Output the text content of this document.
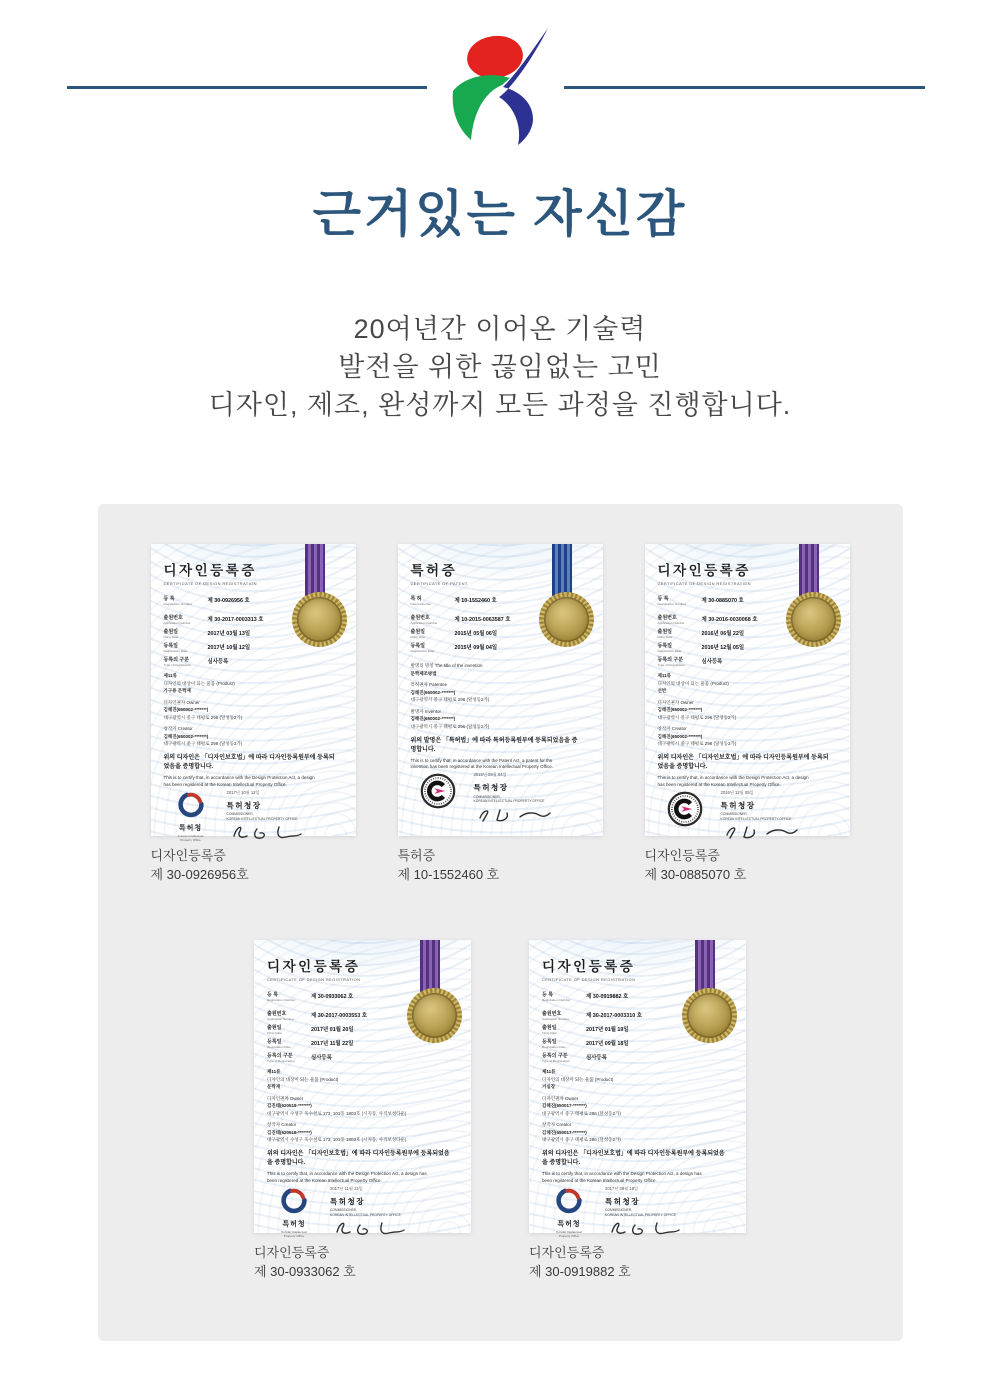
근거있는 자신감
20여년간 이어온 기술력
발전을 위한 끊임없는 고민
디자인, 제조, 완성까지 모든 과정을 진행합니다.
디자인등록증
CERTIFICATE OF DESIGN REGISTRATION
등 록
Registration Number
제 30-0926956 호
출원번호
Application Number
제 30-2017-0003313 호
출원일
Filing Date
2017년 03월 13일
등록일
Registration Date
2017년 10월 12일
등록의 구분
Type of Registration
심사등록
제11류
디자인의 대상이 되는 물품 (Product)
가구용 문짝재
디자인권자 Owner
김해진(650002-*******)
대구광역시 중구 태평로 296 (달성동2가)
창작자 Creator
김해진(650002-*******)
대구광역시 중구 태평로 296 (달성동2가)
위의 디자인은 「디자인보호법」에 따라 디자인등록원부에 등록되었음을 증명합니다.
This is to certify that, in accordance with the Design Protection Act, a design has been registered at the Korean Intellectual Property Office.
특허청
Korean Intellectual
Property Office
2017년 10월 12일
특허청장
COMMISSIONER,
KOREAN INTELLECTUAL PROPERTY OFFICE
디자인등록증
제 30-0926956호
특허증
CERTIFICATE OF PATENT
특 허
Patent Number
제 10-1552460 호
출원번호
Application Number
제 10-2015-0063587 호
출원일
Filing Date
2015년 05월 06일
등록일
Registration Date
2015년 09월 04일
발명의 명칭 The title of the invention
문짝제조방법
특허권자 Patentee
김해진(650002-*******)
대구광역시 중구 태평로 296 (달성동2가)
발명자 Inventor
김해진(650002-*******)
대구광역시 중구 태평로 296 (달성동2가)
위의 발명은 「특허법」에 따라 특허등록원부에 등록되었음을 증명합니다.
This is to certify that, in accordance with the Patent Act, a patent for the invention has been registered at the Korean Intellectual Property Office.
2015년 09월 04일
특허청장
COMMISSIONER,
KOREAN INTELLECTUAL PROPERTY OFFICE
특허증
제 10-1552460 호
디자인등록증
CERTIFICATE OF DESIGN REGISTRATION
등 록
Registration Number
제 30-0885070 호
출원번호
Application Number
제 30-2016-0030068 호
출원일
Filing Date
2016년 06월 22일
등록일
Registration Date
2016년 12월 05일
등록의 구분
Type of Registration
심사등록
제11류
디자인의 대상이 되는 물품 (Product)
선반
디자인권자 Owner
김해진(650002-*******)
대구광역시 중구 태평로 296 (달성동2가)
창작자 Creator
김해진(650002-*******)
대구광역시 중구 태평로 296 (달성동2가)
위의 디자인은 「디자인보호법」에 따라 디자인등록원부에 등록되었음을 증명합니다.
This is to certify that, in accordance with the Design Protection Act, a design has been registered at the Korean Intellectual Property Office.
2016년 12월 05일
특허청장
COMMISSIONER,
KOREAN INTELLECTUAL PROPERTY OFFICE
디자인등록증
제 30-0885070 호
디자인등록증
CERTIFICATE OF DESIGN REGISTRATION
등 록
Registration Number
제 30-0933062 호
출원번호
Application Number
제 30-2017-0003553 호
출원일
Filing Date
2017년 01월 20일
등록일
Registration Date
2017년 11월 22일
등록의 구분
Type of Registration
심사등록
제11류
디자인의 대상이 되는 물품 (Product)
문짝재
디자인권자 Owner
김진태(620518-*******)
대구광역시 수성구 욱수천로 173, 101동 1803호 (시지동, 사직보성타운)
창작자 Creator
김진태(620518-*******)
대구광역시 수성구 욱수천로 173, 101동 1803호 (시지동, 사직보성타운)
위의 디자인은 「디자인보호법」에 따라 디자인등록원부에 등록되었음을 증명합니다.
This is to certify that, in accordance with the Design Protection Act, a design has been registered at the Korean Intellectual Property Office.
특허청
Korean Intellectual
Property Office
2017년 11월 22일
특허청장
COMMISSIONER,
KOREAN INTELLECTUAL PROPERTY OFFICE
디자인등록증
제 30-0933062 호
디자인등록증
CERTIFICATE OF DESIGN REGISTRATION
등 록
Registration Number
제 30-0919882 호
출원번호
Application Number
제 30-2017-0003310 호
출원일
Filing Date
2017년 01월 19일
등록일
Registration Date
2017년 09월 18일
등록의 구분
Type of Registration
심사등록
제11류
디자인의 대상이 되는 물품 (Product)
거실장
디자인권자 Owner
김해진(650017-*******)
대구광역시 중구 태평로 296 (달성동2가)
창작자 Creator
김해진(650017-*******)
대구광역시 중구 태평로 296 (달성동2가)
위의 디자인은 「디자인보호법」에 따라 디자인등록원부에 등록되었음을 증명합니다.
This is to certify that, in accordance with the Design Protection Act, a design has been registered at the Korean Intellectual Property Office.
특허청
Korean Intellectual
Property Office
2017년 09월 18일
특허청장
COMMISSIONER,
KOREAN INTELLECTUAL PROPERTY OFFICE
디자인등록증
제 30-0919882 호
